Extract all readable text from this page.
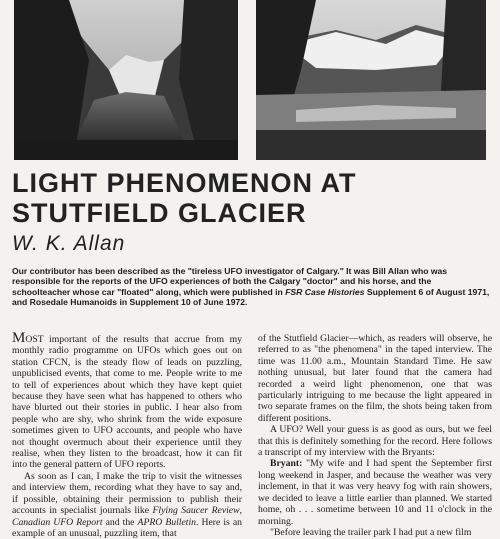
LIGHT PHENOMENON AT
STUTFIELD GLACIER
W. K. Allan
Our contributor has been described as the "tireless UFO investigator of Calgary." It was Bill Allan who was responsible for the reports of the UFO experiences of both the Calgary "doctor" and his horse, and the schoolteacher whose car "floated" along, which were published in FSR Case Histories Supplement 6 of August 1971, and Rosedale Humanoids in Supplement 10 of June 1972.

MOST important of the results that accrue from my monthly radio programme on UFOs which goes out on station CFCN, is the steady flow of leads on puzzling, unpublicised events, that come to me. People write to me to tell of experiences about which they have kept quiet because they have seen what has happened to others who have blurted out their stories in public. I hear also from people who are shy, who shrink from the wide exposure sometimes given to UFO accounts, and people who have not thought overmuch about their experience until they realise, when they listen to the broadcast, how it can fit into the general pattern of UFO reports.

As soon as I can, I make the trip to visit the witnesses and interview them, recording what they have to say and, if possible, obtaining their permission to publish their accounts in specialist journals like Flying Saucer Review, Canadian UFO Report and the APRO Bulletin. Here is an example of an unusual, puzzling item, that

of the Stutfield Glacier—which, as readers will observe, he referred to as "the phenomena" in the taped interview. The time was 11.00 a.m., Mountain Standard Time. He saw nothing unusual, but later found that the camera had recorded a weird light phenomenon, one that was particularly intriguing to me because the light appeared in two separate frames on the film, the shots being taken from different positions.

A UFO? Well your guess is as good as ours, but we feel that this is definitely something for the record. Here follows a transcript of my interview with the Bryants:

Bryant: "My wife and I had spent the September first long weekend in Jasper, and because the weather was very inclement, in that it was very heavy fog with rain showers, we decided to leave a little earlier than planned. We started home, oh . . . sometime between 10 and 11 o'clock in the morning.

"Before leaving the trailer park I had put a new film
